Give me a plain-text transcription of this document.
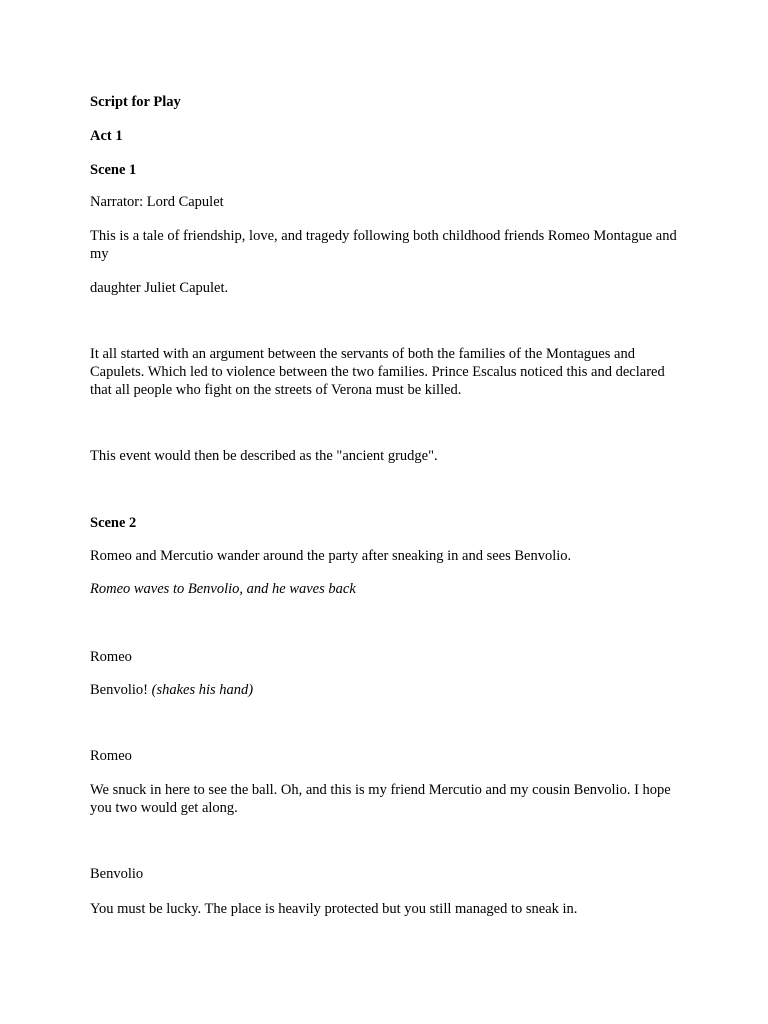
Script for Play

Act 1

Scene 1

Narrator: Lord Capulet

This is a tale of friendship, love, and tragedy following both childhood friends Romeo Montague and my

daughter Juliet Capulet.

It all started with an argument between the servants of both the families of the Montagues and Capulets. Which led to violence between the two families. Prince Escalus noticed this and declared that all people who fight on the streets of Verona must be killed.

This event would then be described as the "ancient grudge".

Scene 2

Romeo and Mercutio wander around the party after sneaking in and sees Benvolio.

Romeo waves to Benvolio, and he waves back

Romeo

Benvolio! (shakes his hand)

Romeo

We snuck in here to see the ball. Oh, and this is my friend Mercutio and my cousin Benvolio. I hope you two would get along.

Benvolio

You must be lucky. The place is heavily protected but you still managed to sneak in.
